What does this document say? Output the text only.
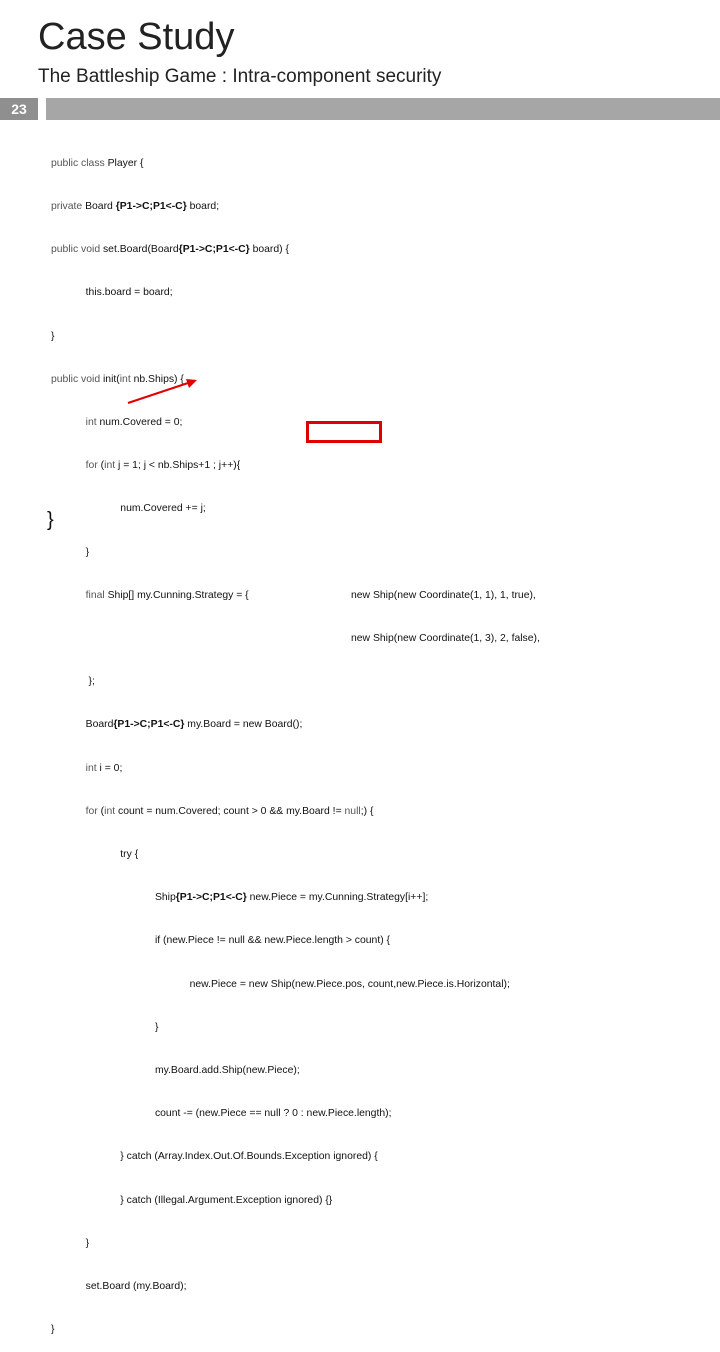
Case Study
The Battleship Game : Intra-component security
23

public class Player {

private Board {P1->C;P1<-C} board;

public void set.Board(Board{P1->C;P1<-C} board) {

this.board = board;

}

public void init(int nb.Ships) {

int num.Covered = 0;

for (int j = 1; j < nb.Ships+1 ; j++){

num.Covered += j;

}

final Ship[] my.Cunning.Strategy = {	new Ship(new Coordinate(1, 1), 1, true),

new Ship(new Coordinate(1, 3), 2, false),

};

Board{P1->C;P1<-C} my.Board = new Board();

int i = 0;

for (int count = num.Covered; count > 0 && my.Board != null;) {

try {

Ship{P1->C;P1<-C} new.Piece = my.Cunning.Strategy[i++];

if (new.Piece != null && new.Piece.length > count) {

new.Piece = new Ship(new.Piece.pos, count,new.Piece.is.Horizontal);

}

my.Board.add.Ship(new.Piece);

count -= (new.Piece == null ? 0 : new.Piece.length);

} catch (Array.Index.Out.Of.Bounds.Exception ignored) {

} catch (Illegal.Argument.Exception ignored) {}

}

set.Board (my.Board);

}

}
